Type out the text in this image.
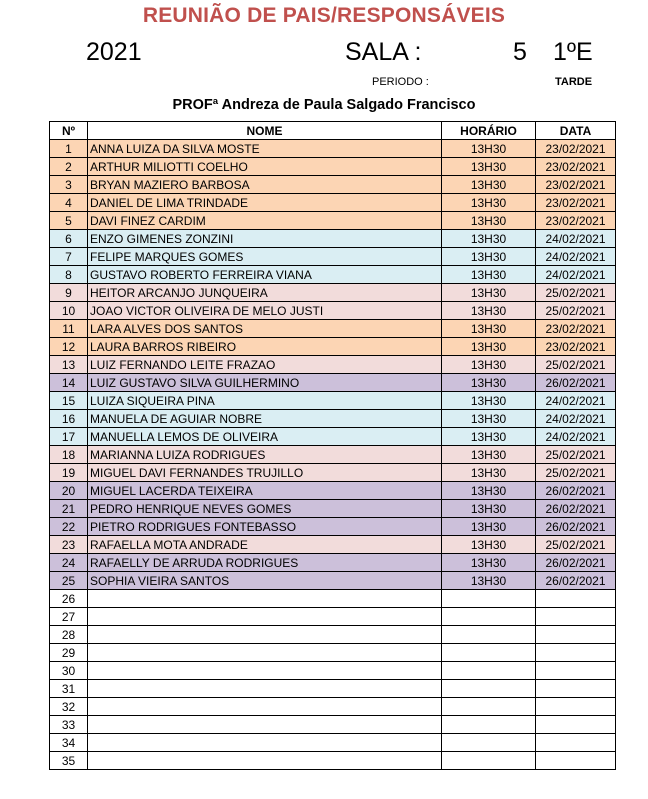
REUNIÃO DE PAIS/RESPONSÁVEIS
2021	SALA :	5 1ºE
PERIODO :	TARDE
PROFª Andreza de Paula Salgado Francisco
Nº	NOME	HORÁRIO	DATA
1	ANNA LUIZA DA SILVA MOSTE	13H30	23/02/2021
2	ARTHUR MILIOTTI COELHO	13H30	23/02/2021
3	BRYAN MAZIERO BARBOSA	13H30	23/02/2021
4	DANIEL DE LIMA TRINDADE	13H30	23/02/2021
5	DAVI FINEZ CARDIM	13H30	23/02/2021
6	ENZO GIMENES ZONZINI	13H30	24/02/2021
7	FELIPE MARQUES GOMES	13H30	24/02/2021
8	GUSTAVO ROBERTO FERREIRA VIANA	13H30	24/02/2021
9	HEITOR ARCANJO JUNQUEIRA	13H30	25/02/2021
10	JOAO VICTOR OLIVEIRA DE MELO JUSTI	13H30	25/02/2021
11	LARA ALVES DOS SANTOS	13H30	23/02/2021
12	LAURA BARROS RIBEIRO	13H30	23/02/2021
13	LUIZ FERNANDO LEITE FRAZAO	13H30	25/02/2021
14	LUIZ GUSTAVO SILVA GUILHERMINO	13H30	26/02/2021
15	LUIZA SIQUEIRA PINA	13H30	24/02/2021
16	MANUELA DE AGUIAR NOBRE	13H30	24/02/2021
17	MANUELLA LEMOS DE OLIVEIRA	13H30	24/02/2021
18	MARIANNA LUIZA RODRIGUES	13H30	25/02/2021
19	MIGUEL DAVI FERNANDES TRUJILLO	13H30	25/02/2021
20	MIGUEL LACERDA TEIXEIRA	13H30	26/02/2021
21	PEDRO HENRIQUE NEVES GOMES	13H30	26/02/2021
22	PIETRO RODRIGUES FONTEBASSO	13H30	26/02/2021
23	RAFAELLA MOTA ANDRADE	13H30	25/02/2021
24	RAFAELLY DE ARRUDA RODRIGUES	13H30	26/02/2021
25	SOPHIA VIEIRA SANTOS	13H30	26/02/2021
26			
27			
28			
29			
30			
31			
32			
33			
34			
35			
